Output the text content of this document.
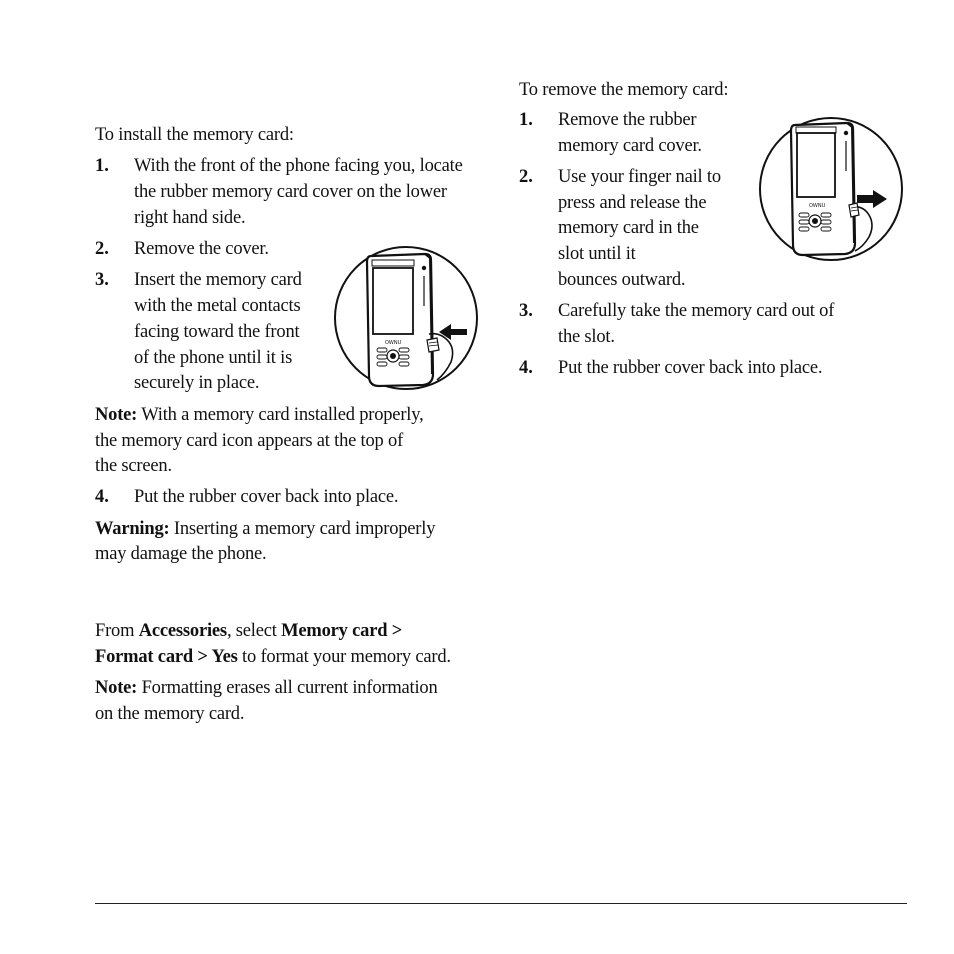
To install the memory card:
1. With the front of the phone facing you, locate
the rubber memory card cover on the lower
right hand side.
2. Remove the cover.
3. Insert the memory card
with the metal contacts
facing toward the front
of the phone until it is
securely in place.
OWNU
Note: With a memory card installed properly,
the memory card icon appears at the top of
the screen.
4. Put the rubber cover back into place.
Warning: Inserting a memory card improperly
may damage the phone.
From Accessories, select Memory card >
Format card > Yes to format your memory card.
Note: Formatting erases all current information
on the memory card.
To remove the memory card:
1. Remove the rubber
memory card cover.
2. Use your finger nail to
press and release the
memory card in the
slot until it
bounces outward.
OWNU
3. Carefully take the memory card out of
the slot.
4. Put the rubber cover back into place.
